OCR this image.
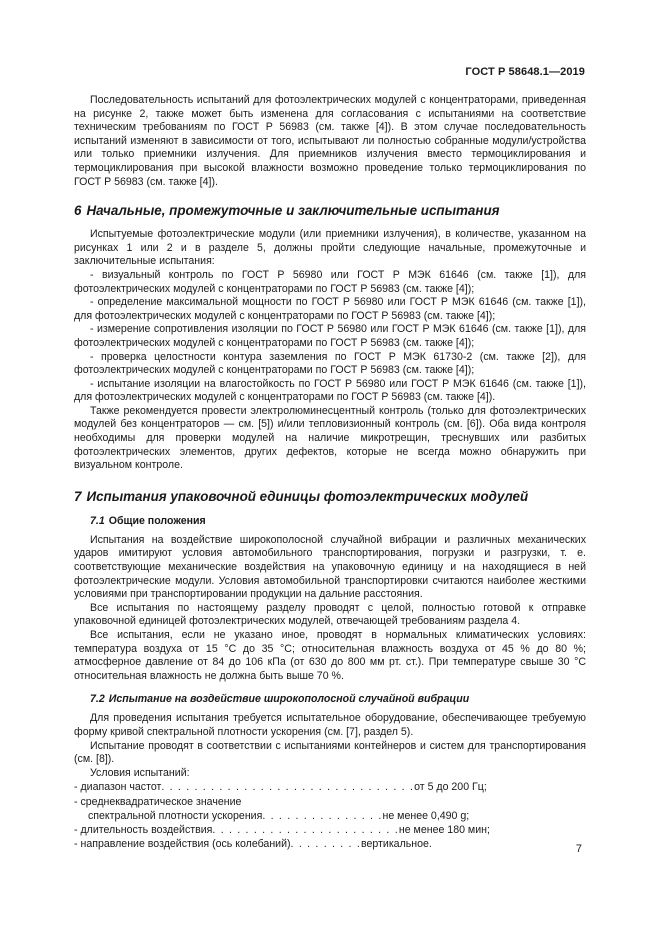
ГОСТ Р 58648.1—2019

Последовательность испытаний для фотоэлектрических модулей с концентраторами, приведенная на рисунке 2, также может быть изменена для согласования с испытаниями на соответствие техническим требованиям по ГОСТ Р 56983 (см. также [4]). В этом случае последовательность испытаний изменяют в зависимости от того, испытывают ли полностью собранные модули/устройства или только приемники излучения. Для приемников излучения вместо термоциклирования и термоциклирования при высокой влажности возможно проведение только термоциклирования по ГОСТ Р 56983 (см. также [4]).

6 Начальные, промежуточные и заключительные испытания

Испытуемые фотоэлектрические модули (или приемники излучения), в количестве, указанном на рисунках 1 или 2 и в разделе 5, должны пройти следующие начальные, промежуточные и заключительные испытания:

- визуальный контроль по ГОСТ Р 56980 или ГОСТ Р МЭК 61646 (см. также [1]), для фотоэлектрических модулей с концентраторами по ГОСТ Р 56983 (см. также [4]);

- определение максимальной мощности по ГОСТ Р 56980 или ГОСТ Р МЭК 61646 (см. также [1]), для фотоэлектрических модулей с концентраторами по ГОСТ Р 56983 (см. также [4]);

- измерение сопротивления изоляции по ГОСТ Р 56980 или ГОСТ Р МЭК 61646 (см. также [1]), для фотоэлектрических модулей с концентраторами по ГОСТ Р 56983 (см. также [4]);

- проверка целостности контура заземления по ГОСТ Р МЭК 61730-2 (см. также [2]), для фотоэлектрических модулей с концентраторами по ГОСТ Р 56983 (см. также [4]);

- испытание изоляции на влагостойкость по ГОСТ Р 56980 или ГОСТ Р МЭК 61646 (см. также [1]), для фотоэлектрических модулей с концентраторами по ГОСТ Р 56983 (см. также [4]).

Также рекомендуется провести электролюминесцентный контроль (только для фотоэлектрических модулей без концентраторов — см. [5]) и/или тепловизионный контроль (см. [6]). Оба вида контроля необходимы для проверки модулей на наличие микротрещин, треснувших или разбитых фотоэлектрических элементов, других дефектов, которые не всегда можно обнаружить при визуальном контроле.

7 Испытания упаковочной единицы фотоэлектрических модулей
7.1 Общие положения

Испытания на воздействие широкополосной случайной вибрации и различных механических ударов имитируют условия автомобильного транспортирования, погрузки и разгрузки, т. е. соответствующие механические воздействия на упаковочную единицу и на находящиеся в ней фотоэлектрические модули. Условия автомобильной транспортировки считаются наиболее жесткими условиями при транспортировании продукции на дальние расстояния.

Все испытания по настоящему разделу проводят с целой, полностью готовой к отправке упаковочной единицей фотоэлектрических модулей, отвечающей требованиям раздела 4.

Все испытания, если не указано иное, проводят в нормальных климатических условиях: температура воздуха от 15 °С до 35 °С; относительная влажность воздуха от 45 % до 80 %; атмосферное давление от 84 до 106 кПа (от 630 до 800 мм рт. ст.). При температуре свыше 30 °С относительная влажность не должна быть выше 70 %.

7.2 Испытание на воздействие широкополосной случайной вибрации

Для проведения испытания требуется испытательное оборудование, обеспечивающее требуемую форму кривой спектральной плотности ускорения (см. [7], раздел 5).

Испытание проводят в соответствии с испытаниями контейнеров и систем для транспортирования (см. [8]).

Условия испытаний:

- диапазон частот . . . . . . . . . . . . . . . . . . . . . . . . . . . . . . . от 5 до 200 Гц;
- среднеквадратическое значение
спектральной плотности ускорения . . . . . . . . . . . . . . . не менее 0,490 g;
- длительность воздействия . . . . . . . . . . . . . . . . . . . . . . . не менее 180 мин;
- направление воздействия (ось колебаний) . . . . . . . . . вертикальное.	7
